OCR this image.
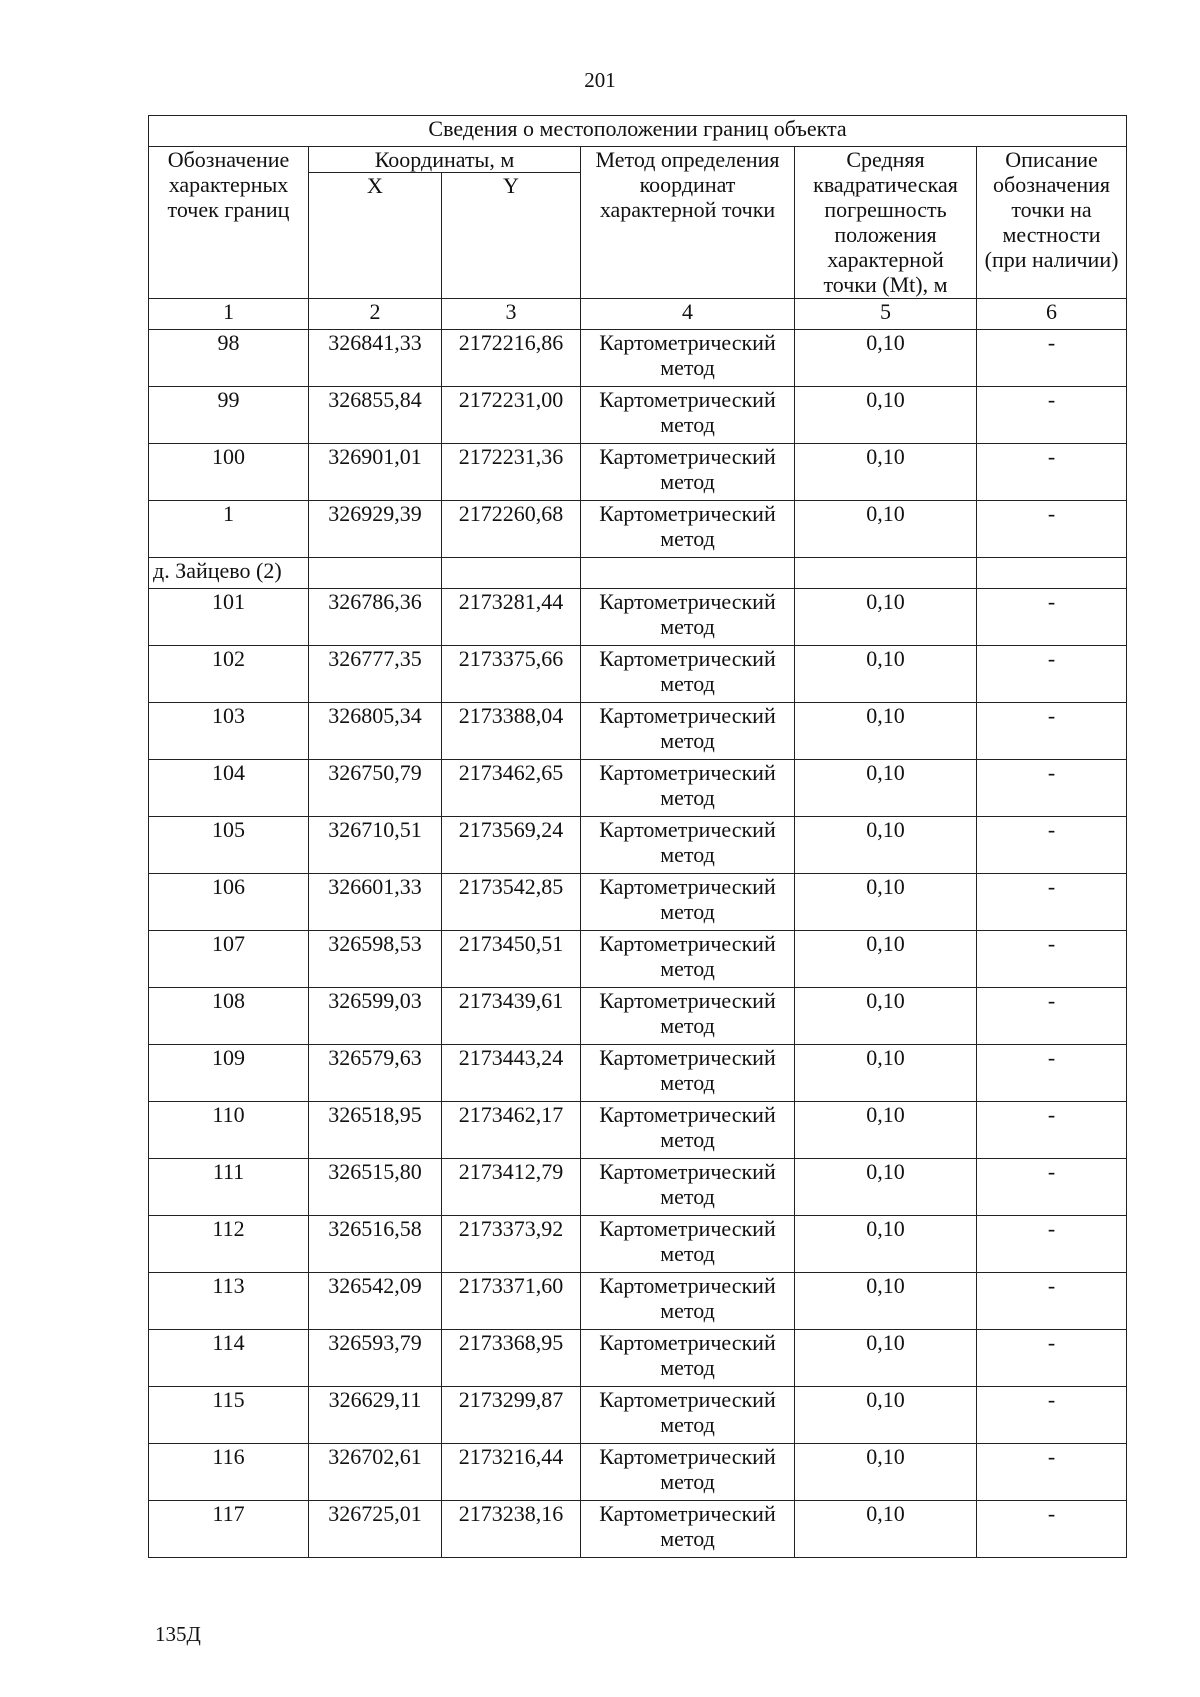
201
Сведения о местоположении границ объекта					
Обозначение характерных точек границ	Координаты, м		Метод определения координат характерной точки	Средняя квадратическая погрешность положения характерной точки (Mt), м	Описание обозначения точки на местности (при наличии)
	X	Y			
1	2	3	4	5	6
98	326841,33	2172216,86	Картометрический метод	0,10	-
99	326855,84	2172231,00	Картометрический метод	0,10	-
100	326901,01	2172231,36	Картометрический метод	0,10	-
1	326929,39	2172260,68	Картометрический метод	0,10	-
д. Зайцево (2)					
101	326786,36	2173281,44	Картометрический метод	0,10	-
102	326777,35	2173375,66	Картометрический метод	0,10	-
103	326805,34	2173388,04	Картометрический метод	0,10	-
104	326750,79	2173462,65	Картометрический метод	0,10	-
105	326710,51	2173569,24	Картометрический метод	0,10	-
106	326601,33	2173542,85	Картометрический метод	0,10	-
107	326598,53	2173450,51	Картометрический метод	0,10	-
108	326599,03	2173439,61	Картометрический метод	0,10	-
109	326579,63	2173443,24	Картометрический метод	0,10	-
110	326518,95	2173462,17	Картометрический метод	0,10	-
111	326515,80	2173412,79	Картометрический метод	0,10	-
112	326516,58	2173373,92	Картометрический метод	0,10	-
113	326542,09	2173371,60	Картометрический метод	0,10	-
114	326593,79	2173368,95	Картометрический метод	0,10	-
115	326629,11	2173299,87	Картометрический метод	0,10	-
116	326702,61	2173216,44	Картометрический метод	0,10	-
117	326725,01	2173238,16	Картометрический метод	0,10	-
135Д
